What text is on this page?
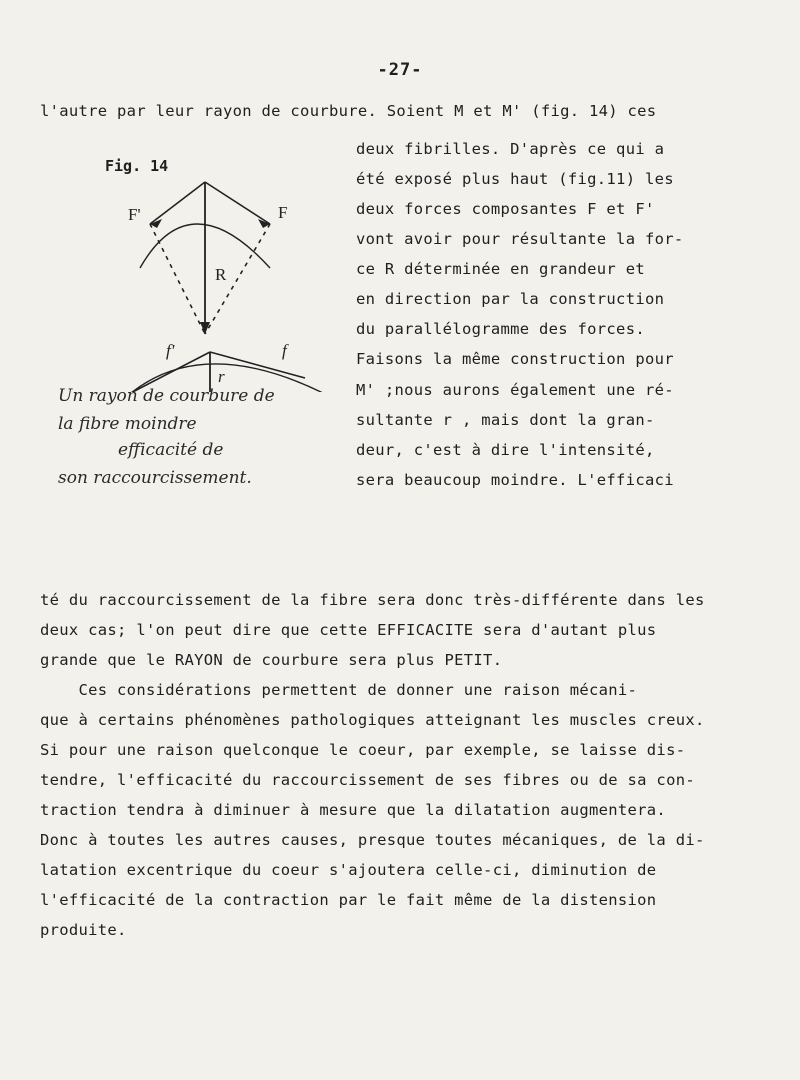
-27-
l'autre par leur rayon de courbure. Soient M et M' (fig. 14) ces
deux fibrilles. D'après ce qui a
été exposé plus haut (fig.11) les
deux forces composantes F et F'
vont avoir pour résultante la for-
ce R déterminée en grandeur et
en direction par la construction
du parallélogramme des forces.
Faisons la même construction pour
M' ;nous aurons également une ré-
sultante r , mais dont la gran-
deur, c'est à dire l'intensité,
sera beaucoup moindre. L'efficaci
Fig. 14
F'	F
R
f'	f
r
Un rayon de courbure de
la fibre moindre
efficacité de
son raccourcissement.
té du raccourcissement de la fibre sera donc très-différente dans les
deux cas; l'on peut dire que cette EFFICACITE sera d'autant plus
grande que le RAYON de courbure sera plus PETIT.
Ces considérations permettent de donner une raison mécani-
que à certains phénomènes pathologiques atteignant les muscles creux.
Si pour une raison quelconque le coeur, par exemple, se laisse dis-
tendre, l'efficacité du raccourcissement de ses fibres ou de sa con-
traction tendra à diminuer à mesure que la dilatation augmentera.
Donc à toutes les autres causes, presque toutes mécaniques, de la di-
latation excentrique du coeur s'ajoutera celle-ci, diminution de
l'efficacité de la contraction par le fait même de la distension
produite.
